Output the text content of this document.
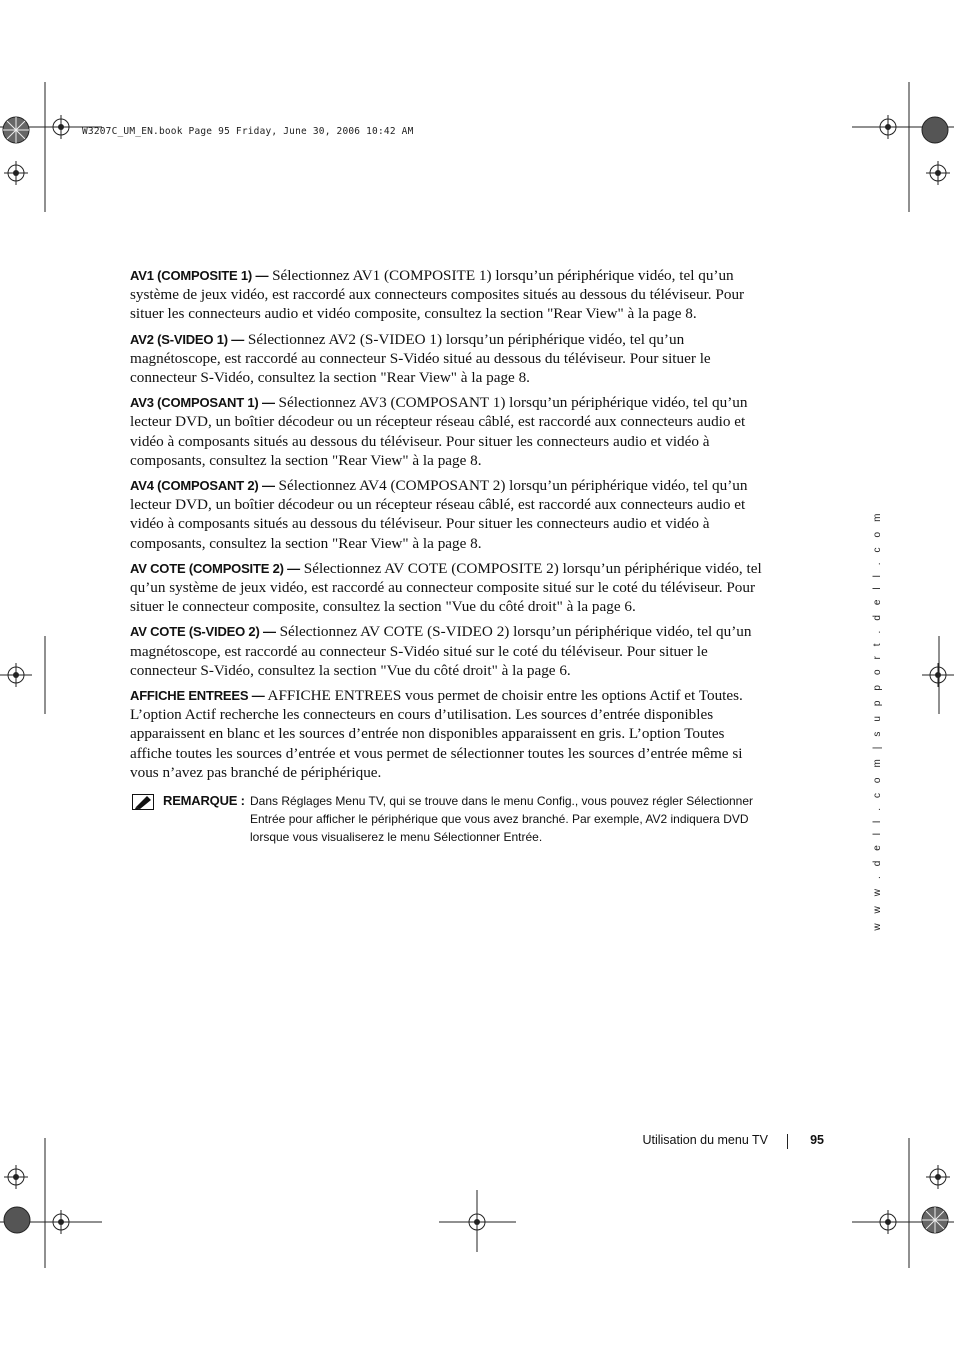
W3207C_UM_EN.book Page 95 Friday, June 30, 2006 10:42 AM
w w w . d e l l . c o m | s u p p o r t . d e l l . c o m

AV1 (COMPOSITE 1) — Sélectionnez AV1 (COMPOSITE 1) lorsqu’un périphérique vidéo, tel qu’un système de jeux vidéo, est raccordé aux connecteurs composites situés au dessous du téléviseur. Pour situer les connecteurs audio et vidéo composite, consultez la section "Rear View" à la page 8.

AV2 (S-VIDEO 1) — Sélectionnez AV2 (S-VIDEO 1) lorsqu’un périphérique vidéo, tel qu’un magnétoscope, est raccordé au connecteur S-Vidéo situé au dessous du téléviseur. Pour situer le connecteur S-Vidéo, consultez la section "Rear View" à la page 8.

AV3 (COMPOSANT 1) — Sélectionnez AV3 (COMPOSANT 1) lorsqu’un périphérique vidéo, tel qu’un lecteur DVD, un boîtier décodeur ou un récepteur réseau câblé, est raccordé aux connecteurs audio et vidéo à composants situés au dessous du téléviseur. Pour situer les connecteurs audio et vidéo à composants, consultez la section "Rear View" à la page 8.

AV4 (COMPOSANT 2) — Sélectionnez AV4 (COMPOSANT 2) lorsqu’un périphérique vidéo, tel qu’un lecteur DVD, un boîtier décodeur ou un récepteur réseau câblé, est raccordé aux connecteurs audio et vidéo à composants situés au dessous du téléviseur. Pour situer les connecteurs audio et vidéo à composants, consultez la section "Rear View" à la page 8.

AV COTE (COMPOSITE 2) — Sélectionnez AV COTE (COMPOSITE 2) lorsqu’un périphérique vidéo, tel qu’un système de jeux vidéo, est raccordé au connecteur composite situé sur le coté du téléviseur. Pour situer le connecteur composite, consultez la section "Vue du côté droit" à la page 6.

AV COTE (S-VIDEO 2) — Sélectionnez AV COTE (S-VIDEO 2) lorsqu’un périphérique vidéo, tel qu’un magnétoscope, est raccordé au connecteur S-Vidéo situé sur le coté du téléviseur. Pour situer le connecteur S-Vidéo, consultez la section "Vue du côté droit" à la page 6.

AFFICHE ENTREES — AFFICHE ENTREES vous permet de choisir entre les options Actif et Toutes. L’option Actif recherche les connecteurs en cours d’utilisation. Les sources d’entrée disponibles apparaissent en blanc et les sources d’entrée non disponibles apparaissent en gris. L’option Toutes affiche toutes les sources d’entrée et vous permet de sélectionner toutes les sources d’entrée même si vous n’avez pas branché de périphérique.

REMARQUE : Dans Réglages Menu TV, qui se trouve dans le menu Config., vous pouvez régler Sélectionner Entrée pour afficher le périphérique que vous avez branché. Par exemple, AV2 indiquera DVD lorsque vous visualiserez le menu Sélectionner Entrée.
Utilisation du menu TV	95
